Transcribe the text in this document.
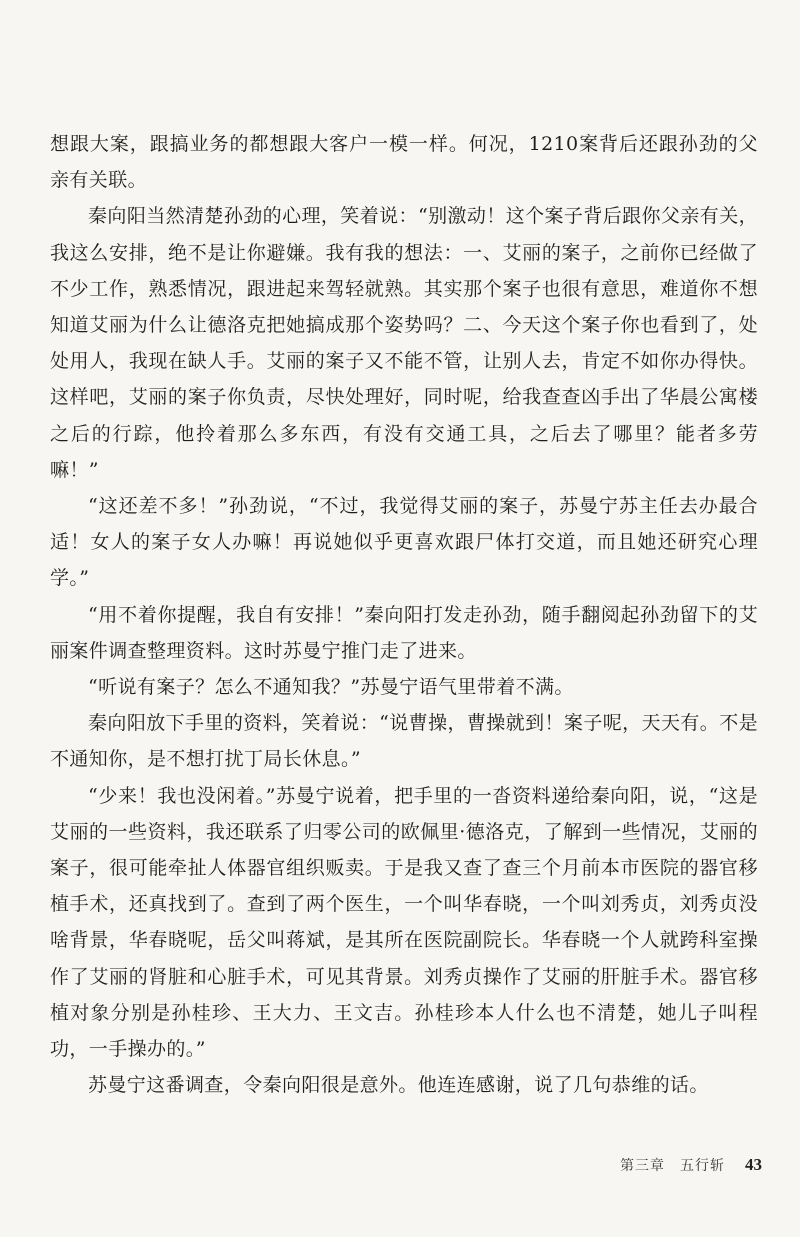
想跟大案，跟搞业务的都想跟大客户一模一样。何况，1210案背后还跟孙劲的父亲有关联。

秦向阳当然清楚孙劲的心理，笑着说：“别激动！这个案子背后跟你父亲有关，我这么安排，绝不是让你避嫌。我有我的想法：一、艾丽的案子，之前你已经做了不少工作，熟悉情况，跟进起来驾轻就熟。其实那个案子也很有意思，难道你不想知道艾丽为什么让德洛克把她搞成那个姿势吗？二、今天这个案子你也看到了，处处用人，我现在缺人手。艾丽的案子又不能不管，让别人去，肯定不如你办得快。这样吧，艾丽的案子你负责，尽快处理好，同时呢，给我查查凶手出了华晨公寓楼之后的行踪，他拎着那么多东西，有没有交通工具，之后去了哪里？能者多劳嘛！”

“这还差不多！”孙劲说，“不过，我觉得艾丽的案子，苏曼宁苏主任去办最合适！女人的案子女人办嘛！再说她似乎更喜欢跟尸体打交道，而且她还研究心理学。”

“用不着你提醒，我自有安排！”秦向阳打发走孙劲，随手翻阅起孙劲留下的艾丽案件调查整理资料。这时苏曼宁推门走了进来。

“听说有案子？怎么不通知我？”苏曼宁语气里带着不满。

秦向阳放下手里的资料，笑着说：“说曹操，曹操就到！案子呢，天天有。不是不通知你，是不想打扰丁局长休息。”

“少来！我也没闲着。”苏曼宁说着，把手里的一沓资料递给秦向阳，说，“这是艾丽的一些资料，我还联系了归零公司的欧佩里·德洛克，了解到一些情况，艾丽的案子，很可能牵扯人体器官组织贩卖。于是我又查了查三个月前本市医院的器官移植手术，还真找到了。查到了两个医生，一个叫华春晓，一个叫刘秀贞，刘秀贞没啥背景，华春晓呢，岳父叫蒋斌，是其所在医院副院长。华春晓一个人就跨科室操作了艾丽的肾脏和心脏手术，可见其背景。刘秀贞操作了艾丽的肝脏手术。器官移植对象分别是孙桂珍、王大力、王文吉。孙桂珍本人什么也不清楚，她儿子叫程功，一手操办的。”

苏曼宁这番调查，令秦向阳很是意外。他连连感谢，说了几句恭维的话。

第三章　五行斩 43
